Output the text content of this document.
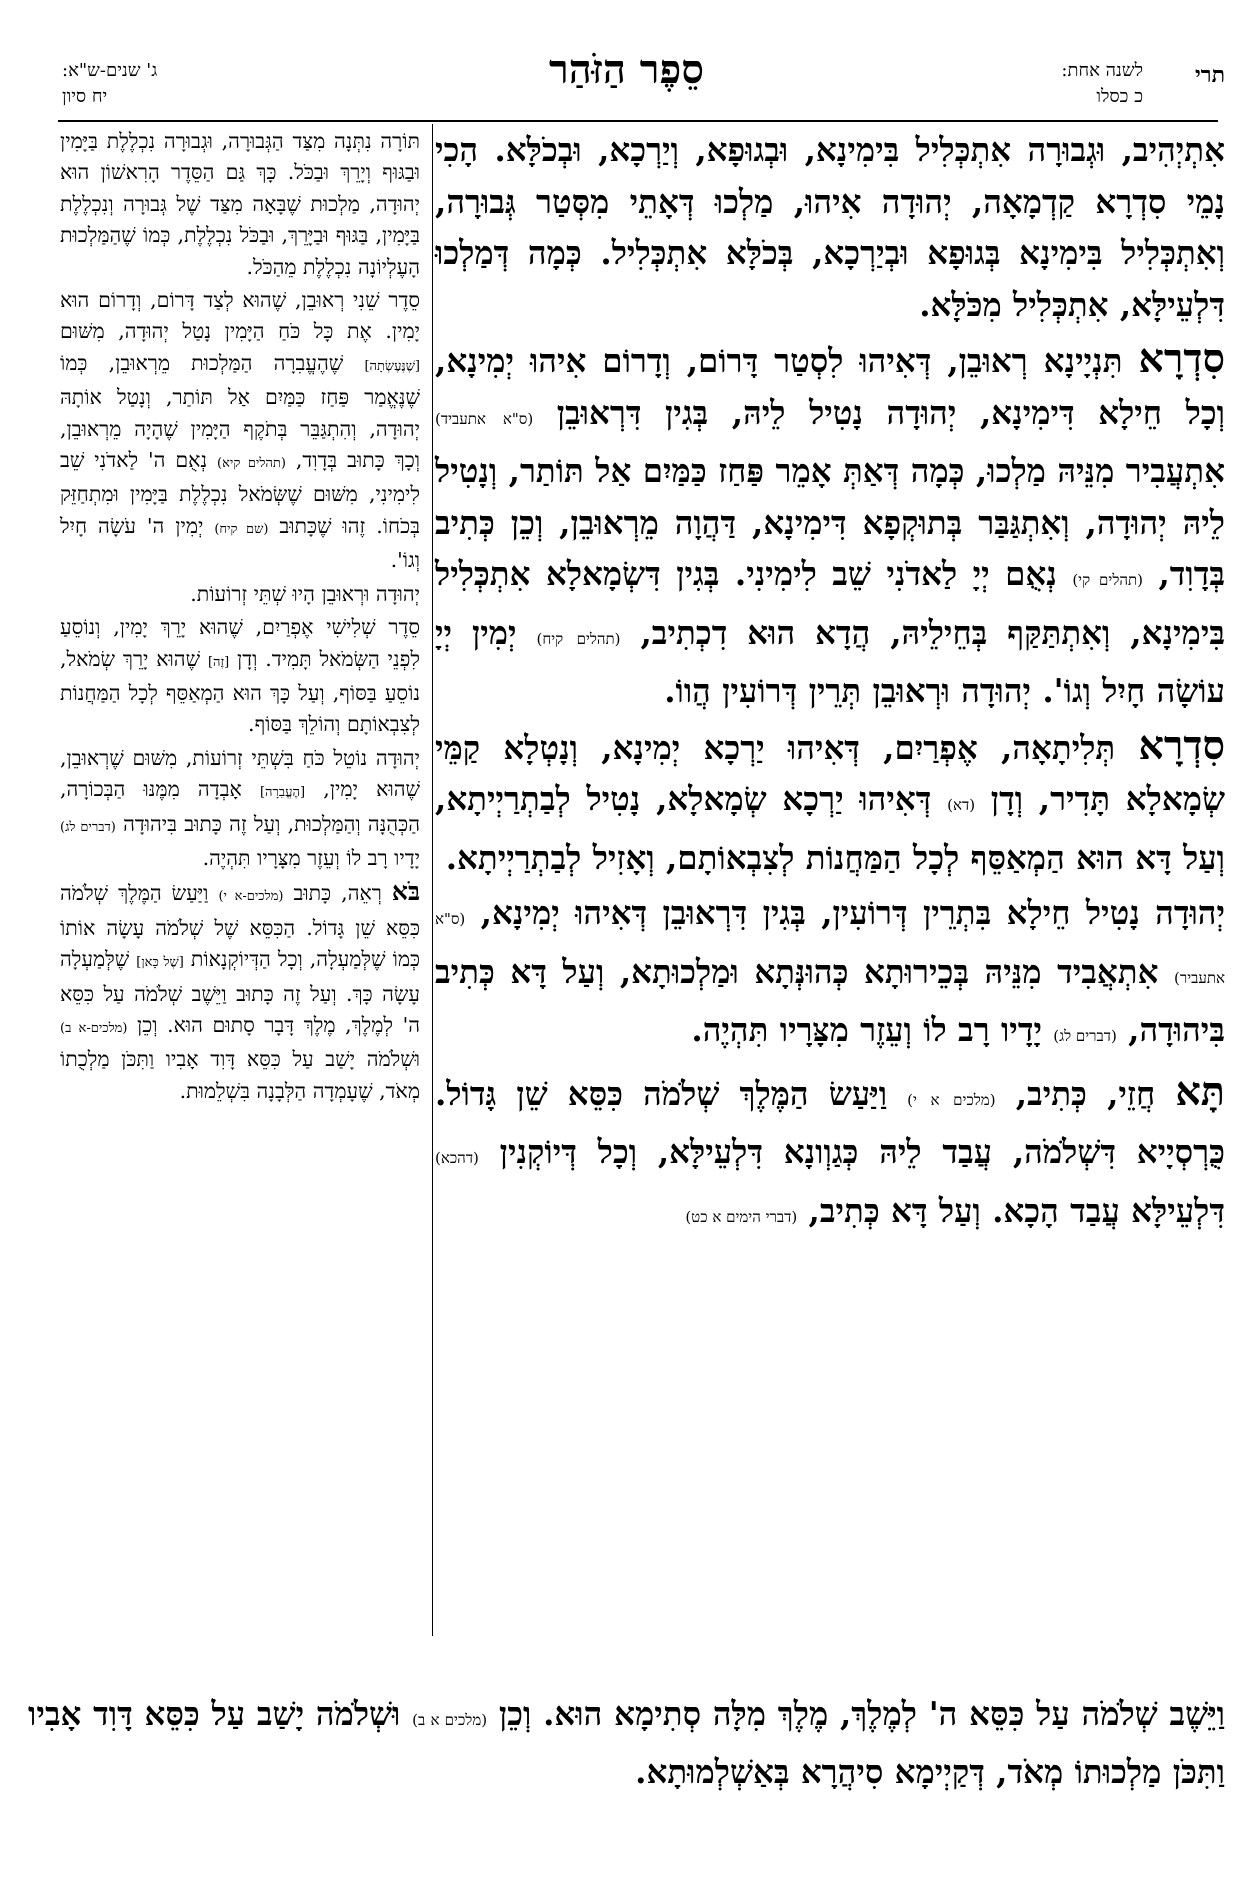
תרי
לשנה אחת:
כ כסלו
סֵפֶר הַזֹּהַר
ג' שנים-ש"א:
יח סיון

אִתְיְהִיב, וּגְבוּרָה אִתְכְּלִיל בִּימִינָא, וּבְגוּפָא, וְיַרְכָא, וּבְכֹלָּא. הָכִי נָמֵי סִדְרָא קַדְמָאָה, יְהוּדָה אִיהוּ, מַלְכוּ דְּאָתֵי מִסְּטַר גְּבוּרָה, וְאִתְכְּלִיל בִּימִינָא בְּגוּפָא וּבְיַרְכָא, בְּכֹלָּא אִתְכְּלִיל. כְּמָה דְּמַלְכוּ דִּלְעֵילָּא, אִתְכְּלִיל מִכֹּלָּא.

סִדְרָא תִּנְיָינָא רְאוּבֵן, דְּאִיהוּ לִסְטַר דָּרוֹם, וְדָרוֹם אִיהוּ יְמִינָא, וְכָל חֵילָא דִּימִינָא, יְהוּדָה נָטִיל לֵיהּ, בְּגִין דִּרְאוּבֵן (ס"א אתעביד) אִתְעֲבִיר מִנֵּיהּ מַלְכוּ, כְּמָה דְּאַתְּ אָמֵר פַּחַז כַּמַּיִם אַל תּוֹתַר, וְנָטִיל לֵיהּ יְהוּדָה, וְאִתְגַּבַּר בְּתוּקְפָא דִּימִינָא, דַּהֲוָה מֵרְאוּבֵן, וְכֵן כְּתִיב בְּדָוִד, (תהלים קי) נְאֻם יְיָ לַאדֹנִי שֵׁב לִימִינִי. בְּגִין דִּשְׂמָאלָא אִתְכְּלִיל בִּימִינָא, וְאִתְתַּקַּף בְּחֵילֵיהּ, הֲדָא הוּא דִכְתִיב, (תהלים קיח) יְמִין יְיָ עוֹשָׂה חָיִל וְגוֹ'. יְהוּדָה וּרְאוּבֵן תְּרֵין דְּרוֹעִין הֲווֹ.

סִדְרָא תְּלִיתָאָה, אֶפְרַיִם, דְּאִיהוּ יַרְכָא יְמִינָא, וְנָטְלָא קַמֵּי שְׂמָאלָא תָּדִיר, וְדָן (דא) דְּאִיהוּ יַרְכָא שְׂמָאלָא, נָטִיל לְבַתְרַיְיתָא, וְעַל דָּא הוּא הַמְאַסֵּף לְכָל הַמַּחֲנוֹת לְצִבְאוֹתָם, וְאָזִיל לְבַתְרַיְיתָא.

יְהוּדָה נָטִיל חֵילָא בִּתְרֵין דְּרוֹעִין, בְּגִין דִּרְאוּבֵן דְּאִיהוּ יְמִינָא, (ס"א אתעביר) אִתְאֲבִיד מִנֵּיהּ בְּכֵירוּתָא כְּהוּנְּתָא וּמַלְכוּתָא, וְעַל דָּא כְּתִיב בִּיהוּדָה, (דברים לג) יָדָיו רָב לוֹ וְעֵזֶר מִצָּרָיו תִּהְיֶה.

תָּא חֲזֵי, כְּתִיב, (מלכים א י) וַיַּעַשׂ הַמֶּלֶךְ שְׁלֹמֹה כִּסֵּא שֵׁן גָּדוֹל. כֻּרְסְיָיא דִּשְׁלֹמֹה, עֲבַד לֵיהּ כְּגַוְונָא דִּלְעֵילָּא, וְכָל דְּיוֹקְנִין (דהכא) דִּלְעֵילָּא עֲבַד הָכָא. וְעַל דָּא כְּתִיב, (דברי הימים א כט)

תּוֹרָה נִתְּנָה מִצַּד הַגְּבוּרָה, וּגְבוּרָה נִכְלֶלֶת בַּיָּמִין וּבַגּוּף וְיָרֵךְ וּבַכֹּל. כָּךְ גַּם הַסֵּדֶר הָרִאשׁוֹן הוּא יְהוּדָה, מַלְכוּת שֶׁבָּאָה מִצַּד שֶׁל גְּבוּרָה וְנִכְלֶלֶת בַּיָּמִין, בַּגּוּף וּבַיָּרֵךְ, וּבַכֹּל נִכְלֶלֶת, כְּמוֹ שֶׁהַמַּלְכוּת הָעֶלְיוֹנָה נִכְלֶלֶת מֵהַכֹּל.

סֵדֶר שֵׁנִי רְאוּבֵן, שֶׁהוּא לְצַד דָּרוֹם, וְדָרוֹם הוּא יָמִין. אֶת כָּל כֹּחַ הַיָּמִין נָטַל יְהוּדָה, מִשּׁוּם [שֶׁנֶּעֶשְׂתָה] שֶׁהֶעֱבִרָה הַמַּלְכוּת מֵרְאוּבֵן, כְּמוֹ שֶׁנֶּאֱמַר פַּחַז כַּמַּיִם אַל תּוֹתַר, וְנָטַל אוֹתָהּ יְהוּדָה, וְהִתְגַּבֵּר בְּתֹקֶף הַיָּמִין שֶׁהָיָה מֵרְאוּבֵן, וְכָךְ כָּתוּב בְּדָוִד, (תהלים קיא) נְאֻם ה' לַאדֹנִי שֵׁב לִימִינִי, מִשּׁוּם שֶׁשְּׂמֹאל נִכְלֶלֶת בַּיָּמִין וּמִתְחַזֵּק בְּכֹחוֹ. זֶהוּ שֶׁכָּתוּב (שם קיח) יְמִין ה' עֹשָׂה חָיִל וְגוֹ'.

יְהוּדָה וּרְאוּבֵן הָיוּ שְׁתֵּי זְרוֹעוֹת.

סֵדֶר שְׁלִישִׁי אֶפְרַיִם, שֶׁהוּא יָרֵךְ יָמִין, וְנוֹסֵעַ לִפְנֵי הַשְּׂמֹאל תָּמִיד. וְדָן [זֶה] שֶׁהוּא יָרֵךְ שְׂמֹאל, נוֹסֵעַ בַּסּוֹף, וְעַל כָּךְ הוּא הַמְאַסֵּף לְכָל הַמַּחֲנוֹת לְצִבְאוֹתָם וְהוֹלֵךְ בַּסּוֹף.

יְהוּדָה נוֹטֵל כֹּחַ בִּשְׁתֵּי זְרוֹעוֹת, מִשּׁוּם שֶׁרְאוּבֵן, שֶׁהוּא יָמִין, [הֶעֱבִרָה] אָבְדָה מִמֶּנּוּ הַבְּכוֹרָה, הַכְּהֻנָּה וְהַמַּלְכוּת, וְעַל זֶה כָּתוּב בִּיהוּדָה (דברים לג) יָדָיו רָב לוֹ וְעֵזֶר מִצָּרָיו תִּהְיֶה.

בֹּא רְאֵה, כָּתוּב (מלכים-א י) וַיַּעַשׂ הַמֶּלֶךְ שְׁלֹמֹה כִּסֵּא שֵׁן גָּדוֹל. הַכִּסֵּא שֶׁל שְׁלֹמֹה עָשָׂה אוֹתוֹ כְּמוֹ שֶׁלְּמַעְלָה, וְכָל הַדְּיוֹקְנָאוֹת [שֶׁל כָּאן] שֶׁלְּמַעְלָה עָשָׂה כָּךְ. וְעַל זֶה כָּתוּב וַיֵּשֶׁב שְׁלֹמֹה עַל כִּסֵּא ה' לְמֶלֶךְ, מֶלֶךְ דָּבָר סָתוּם הוּא. וְכֵן (מלכים-א ב) וּשְׁלֹמֹה יָשַׁב עַל כִּסֵּא דָּוִד אָבִיו וַתִּכֹּן מַלְכֻתוֹ מְאֹד, שֶׁעָמְדָה הַלְּבָנָה בִּשְׁלֵמוּת.

וַיֵּשֶׁב שְׁלֹמֹה עַל כִּסֵּא ה' לְמֶלֶךְ, מֶלֶךְ מִלָּה סְתִימָא הוּא. וְכֵן (מלכים א ב) וּשְׁלֹמֹה יָשַׁב עַל כִּסֵּא דָּוִד אָבִיו וַתִּכֹּן מַלְכוּתוֹ מְאֹד, דְּקַיְימָא סִיהֲרָא בְּאַשְׁלְמוּתָא.
